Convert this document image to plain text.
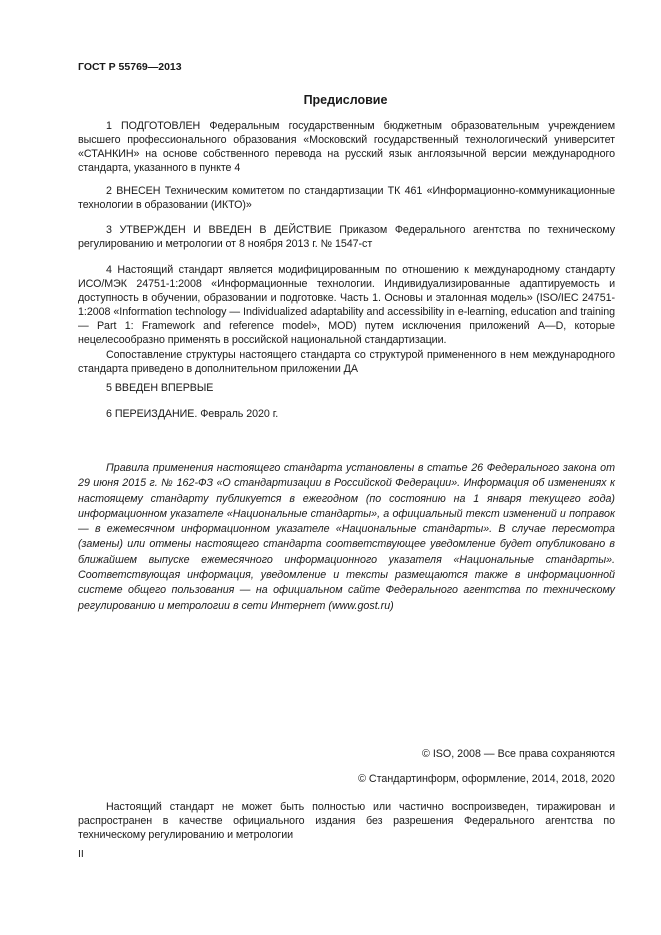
ГОСТ Р 55769—2013
Предисловие

1 ПОДГОТОВЛЕН Федеральным государственным бюджетным образовательным учреждением высшего профессионального образования «Московский государственный технологический университет «СТАНКИН» на основе собственного перевода на русский язык англоязычной версии международного стандарта, указанного в пункте 4

2 ВНЕСЕН Техническим комитетом по стандартизации ТК 461 «Информационно-коммуникационные технологии в образовании (ИКТО)»

3 УТВЕРЖДЕН И ВВЕДЕН В ДЕЙСТВИЕ Приказом Федерального агентства по техническому регулированию и метрологии от 8 ноября 2013 г. № 1547-ст

4 Настоящий стандарт является модифицированным по отношению к международному стандарту ИСО/МЭК 24751-1:2008 «Информационные технологии. Индивидуализированные адаптируемость и доступность в обучении, образовании и подготовке. Часть 1. Основы и эталонная модель» (ISO/IEC 24751-1:2008 «Information technology — Individualized adaptability and accessibility in e-learning, education and training — Part 1: Framework and reference model», MOD) путем исключения приложений А—D, которые нецелесообразно применять в российской национальной стандартизации.

Сопоставление структуры настоящего стандарта со структурой примененного в нем международного стандарта приведено в дополнительном приложении ДА

5 ВВЕДЕН ВПЕРВЫЕ

6 ПЕРЕИЗДАНИЕ. Февраль 2020 г.

Правила применения настоящего стандарта установлены в статье 26 Федерального закона от 29 июня 2015 г. № 162-ФЗ «О стандартизации в Российской Федерации». Информация об изменениях к настоящему стандарту публикуется в ежегодном (по состоянию на 1 января текущего года) информационном указателе «Национальные стандарты», а официальный текст изменений и поправок — в ежемесячном информационном указателе «Национальные стандарты». В случае пересмотра (замены) или отмены настоящего стандарта соответствующее уведомление будет опубликовано в ближайшем выпуске ежемесячного информационного указателя «Национальные стандарты». Соответствующая информация, уведомление и тексты размещаются также в информационной системе общего пользования — на официальном сайте Федерального агентства по техническому регулированию и метрологии в сети Интернет (www.gost.ru)

© ISO, 2008 — Все права сохраняются
© Стандартинформ, оформление, 2014, 2018, 2020

Настоящий стандарт не может быть полностью или частично воспроизведен, тиражирован и распространен в качестве официального издания без разрешения Федерального агентства по техническому регулированию и метрологии

II
